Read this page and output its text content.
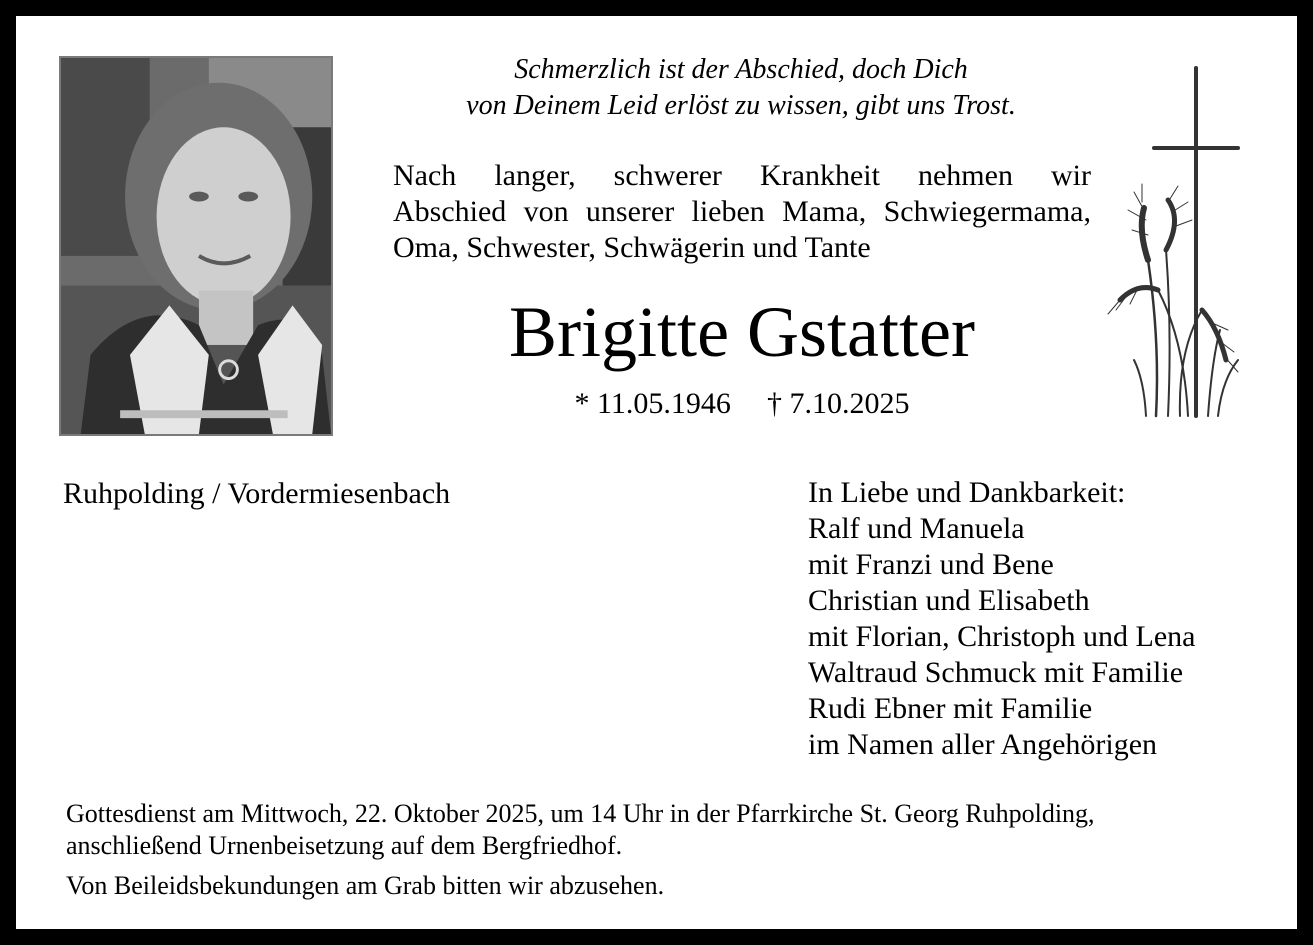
Schmerzlich ist der Abschied, doch Dich
von Deinem Leid erlöst zu wissen, gibt uns Trost.
Nach langer, schwerer Krankheit nehmen wir
Abschied von unserer lieben Mama, Schwiegermama,
Oma, Schwester, Schwägerin und Tante
Brigitte Gstatter
* 11.05.1946 † 7.10.2025
Ruhpolding / Vordermiesenbach	In Liebe und Dankbarkeit:
Ralf und Manuela
mit Franzi und Bene
Christian und Elisabeth
mit Florian, Christoph und Lena
Waltraud Schmuck mit Familie
Rudi Ebner mit Familie
im Namen aller Angehörigen
Gottesdienst am Mittwoch, 22. Oktober 2025, um 14 Uhr in der Pfarrkirche St. Georg Ruhpolding,
anschließend Urnenbeisetzung auf dem Bergfriedhof.
Von Beileidsbekundungen am Grab bitten wir abzusehen.
